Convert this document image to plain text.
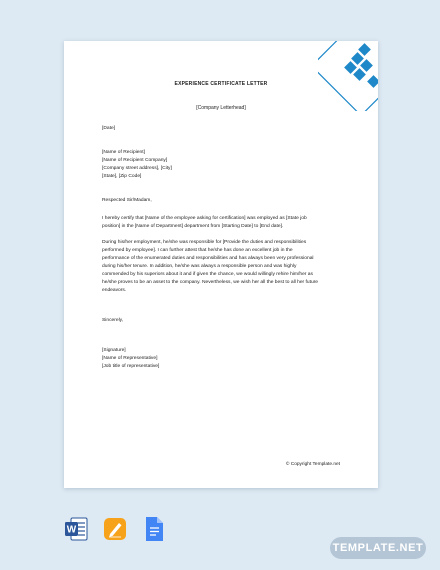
EXPERIENCE CERTIFICATE LETTER
[Company Letterhead]
[Date]
[Name of Recipient]
[Name of Recipient Company]
[Company street address], [City]
[State], [Zip Code]
Respected Sir/Madam,
I hereby certify that [Name of the employee asking for certification] was employed as [State job
position] in the [Name of Department] department from [Starting Date] to [End date].
During his/her employment, he/she was responsible for [Provide the duties and responsibilities
performed by employee]. I can further attest that he/she has done an excellent job in the
performance of the enumerated duties and responsibilities and has always been very professional
during his/her tenure. In addition, he/she was always a responsible person and was highly
commended by his superiors about it and if given the chance, we would willingly rehire him/her as
he/she proves to be an asset to the company. Nevertheless, we wish her all the best to all her future
endeavors.
Sincerely,
[Signature]
[Name of Representative]
[Job title of representative]
© Copyright Template.net
W
TEMPLATE.NET
